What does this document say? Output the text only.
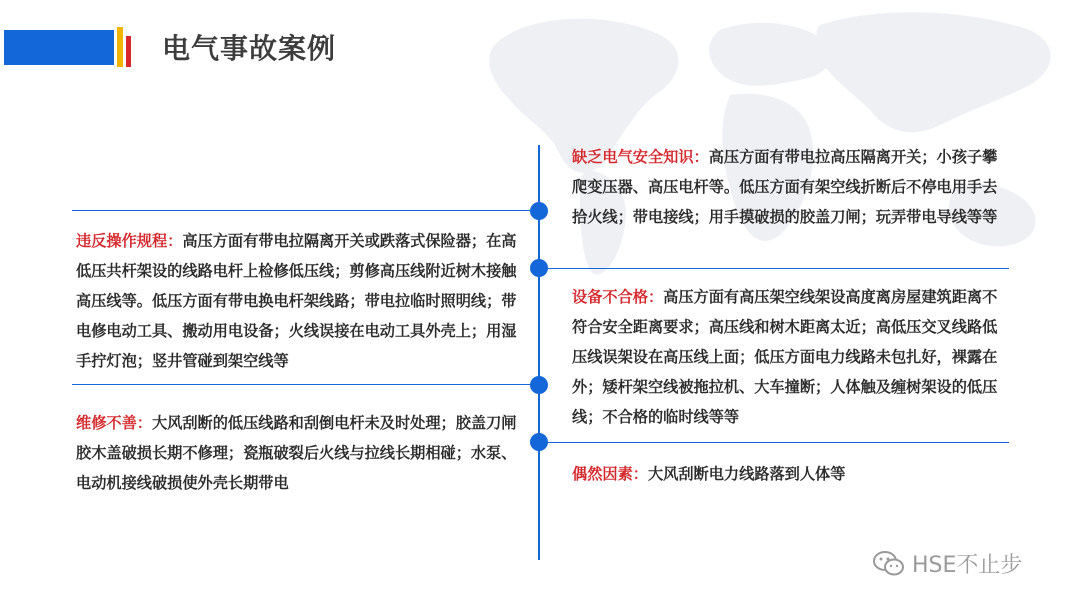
电气事故案例
违反操作规程：高压方面有带电拉隔离开关或跌落式保险器；在高低压共杆架设的线路电杆上检修低压线；剪修高压线附近树木接触高压线等。低压方面有带电换电杆架线路；带电拉临时照明线；带电修电动工具、搬动用电设备；火线误接在电动工具外壳上；用湿手拧灯泡；竖井管碰到架空线等
维修不善：大风刮断的低压线路和刮倒电杆未及时处理；胶盖刀闸胶木盖破损长期不修理；瓷瓶破裂后火线与拉线长期相碰；水泵、电动机接线破损使外壳长期带电
缺乏电气安全知识：高压方面有带电拉高压隔离开关；小孩子攀爬变压器、高压电杆等。低压方面有架空线折断后不停电用手去拾火线；带电接线；用手摸破损的胶盖刀闸；玩弄带电导线等等
设备不合格：高压方面有高压架空线架设高度离房屋建筑距离不符合安全距离要求；高压线和树木距离太近；高低压交叉线路低压线误架设在高压线上面；低压方面电力线路未包扎好，裸露在外；矮杆架空线被拖拉机、大车撞断；人体触及缠树架设的低压线；不合格的临时线等等
偶然因素：大风刮断电力线路落到人体等
HSE不止步
